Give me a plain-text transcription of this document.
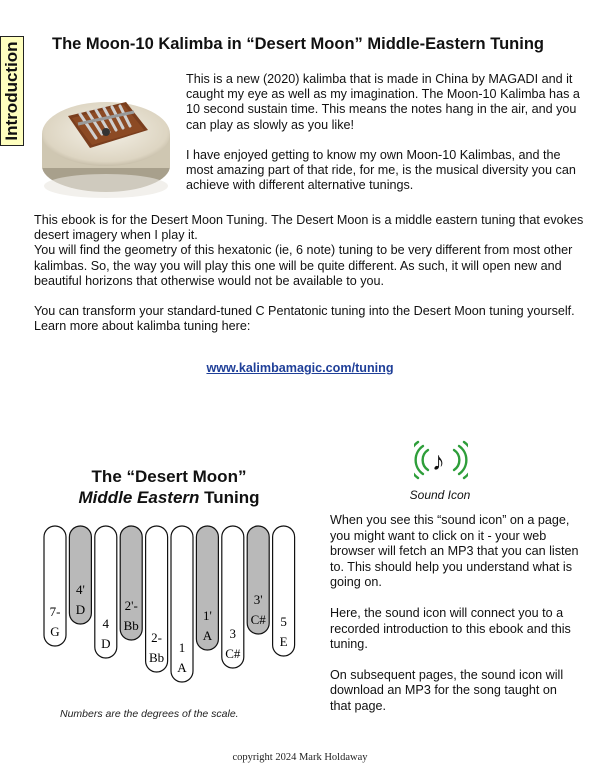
Introduction The Moon-10 Kalimba in “Desert Moon” Middle-Eastern Tuning

This is a new (2020) kalimba that is made in China by MAGADI and it caught my eye as well as my imagination. The Moon-10 Kalimba has a 10 second sustain time. This means the notes hang in the air, and you can play as slowly as you like!

I have enjoyed getting to know my own Moon-10 Kalimbas, and the most amazing part of that ride, for me, is the musical diversity you can achieve with different alternative tunings.

This ebook is for the Desert Moon Tuning. The Desert Moon is a middle eastern tuning that evokes desert imagery when I play it.

You will find the geometry of this hexatonic (ie, 6 note) tuning to be very different from most other kalimbas. So, the way you will play this one will be quite different. As such, it will open new and beautiful horizons that otherwise would not be available to you.

You can transform your standard-tuned C Pentatonic tuning into the Desert Moon tuning yourself. Learn more about kalimba tuning here:

www.kalimbamagic.com/tuning
The “Desert Moon”
Middle Eastern Tuning
7-
G
4'
D
4
D
2'-
Bb
2-
Bb
1
A
1'
A 3
C#
3'
C# 5
E
Numbers are the degrees of the scale.
♪
Sound Icon

When you see this “sound icon” on a page, you might want to click on it - your web browser will fetch an MP3 that you can listen to. This should help you understand what is going on.

Here, the sound icon will connect you to a recorded introduction to this ebook and this tuning.

On subsequent pages, the sound icon will download an MP3 for the song taught on that page.

copyright 2024 Mark Holdaway
